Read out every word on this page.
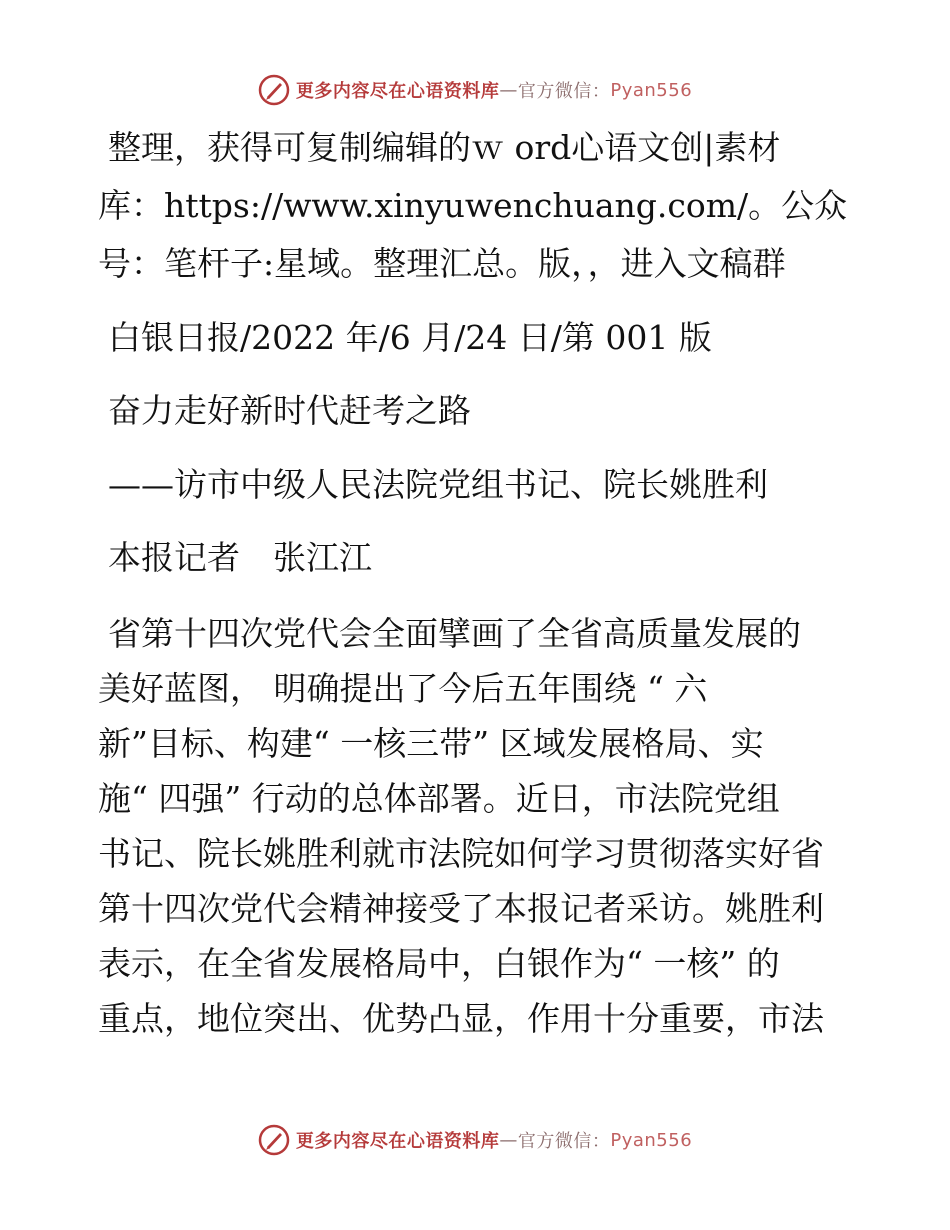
更多内容尽在心语资料库 — 官方微信： Pyan556
整理，获得可复制编辑的ｗ ord心语文创|素材
库：https://www.xinyuwenchuang.com/。公众
号：笔杆子:星域。整理汇总。版，，进入文稿群
白银日报/2022 年/6 月/24 日/第 001 版
奋力走好新时代赶考之路
——访市中级人民法院党组书记、院长姚胜利
本报记者　张江江
省第十四次党代会全面擘画了全省高质量发展的
美好蓝图， 明确提出了今后五年围绕 “ 六
新”目标、构建“ 一核三带” 区域发展格局、实
施“ 四强” 行动的总体部署。近日，市法院党组
书记、院长姚胜利就市法院如何学习贯彻落实好省
第十四次党代会精神接受了本报记者采访。姚胜利
表示，在全省发展格局中，白银作为“ 一核” 的
重点，地位突出、优势凸显，作用十分重要，市法
更多内容尽在心语资料库 — 官方微信： Pyan556
